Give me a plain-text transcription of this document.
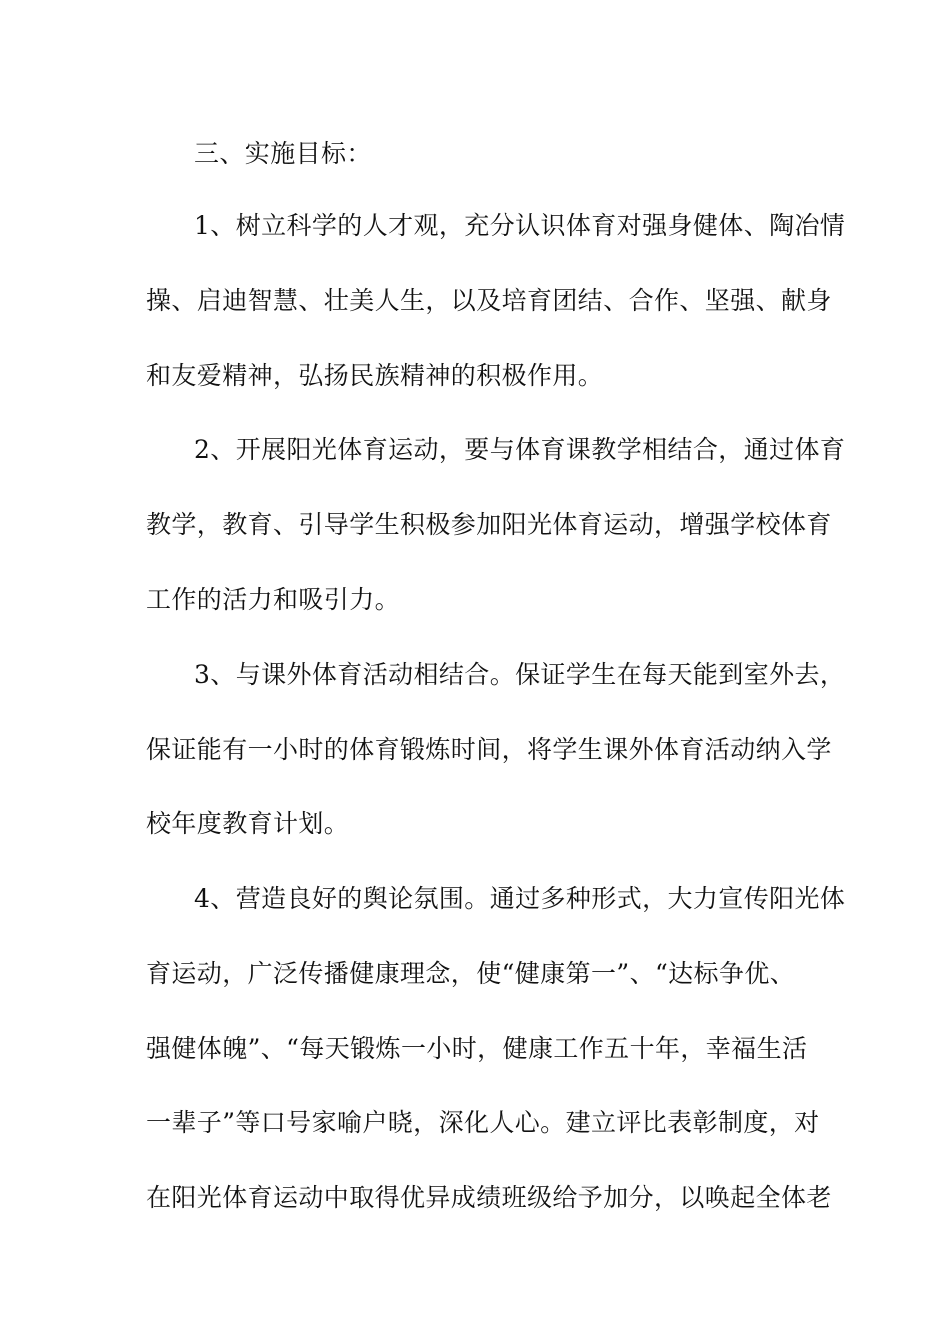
三、实施目标：
1、树立科学的人才观，充分认识体育对强身健体、陶冶情
操、启迪智慧、壮美人生，以及培育团结、合作、坚强、献身
和友爱精神，弘扬民族精神的积极作用。
2、开展阳光体育运动，要与体育课教学相结合，通过体育
教学，教育、引导学生积极参加阳光体育运动，增强学校体育
工作的活力和吸引力。
3、与课外体育活动相结合。保证学生在每天能到室外去，
保证能有一小时的体育锻炼时间，将学生课外体育活动纳入学
校年度教育计划。
4、营造良好的舆论氛围。通过多种形式，大力宣传阳光体
育运动，广泛传播健康理念，使“健康第一”、“达标争优、
强健体魄”、“每天锻炼一小时，健康工作五十年，幸福生活
一辈子”等口号家喻户晓，深化人心。建立评比表彰制度，对
在阳光体育运动中取得优异成绩班级给予加分，以唤起全体老
